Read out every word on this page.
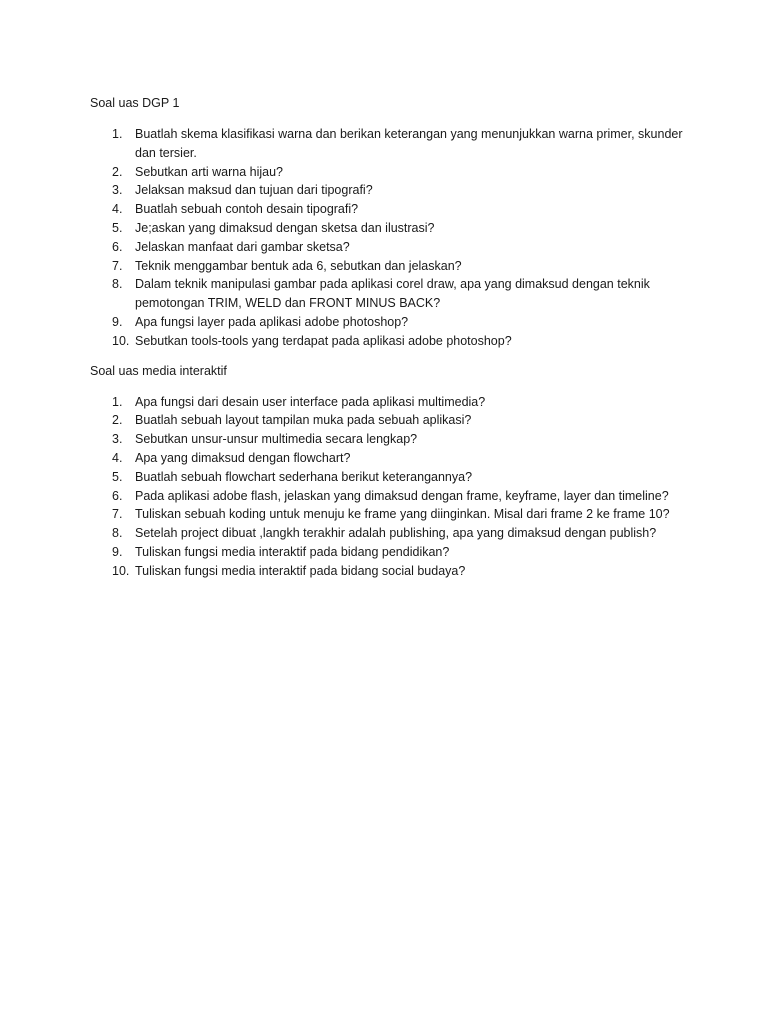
Soal uas DGP 1
1.	Buatlah skema klasifikasi warna dan berikan keterangan yang menunjukkan warna primer, skunder dan tersier.
2.	Sebutkan arti warna hijau?
3.	Jelaksan maksud dan tujuan dari tipografi?
4.	Buatlah sebuah contoh desain tipografi?
5.	Je;askan yang dimaksud dengan sketsa dan ilustrasi?
6.	Jelaskan manfaat dari gambar sketsa?
7.	Teknik menggambar bentuk ada 6, sebutkan dan jelaskan?
8.	Dalam teknik manipulasi gambar pada aplikasi corel draw, apa yang dimaksud dengan teknik pemotongan TRIM, WELD dan FRONT MINUS BACK?
9.	Apa fungsi layer pada aplikasi adobe photoshop?
10. Sebutkan tools-tools yang terdapat pada aplikasi adobe photoshop?
Soal uas media interaktif
1.	Apa fungsi dari desain user interface pada aplikasi multimedia?
2.	Buatlah sebuah layout tampilan muka pada sebuah aplikasi?
3.	Sebutkan unsur-unsur multimedia secara lengkap?
4.	Apa yang dimaksud dengan flowchart?
5.	Buatlah sebuah flowchart sederhana berikut keterangannya?
6.	Pada aplikasi adobe flash, jelaskan yang dimaksud dengan frame, keyframe, layer dan timeline?
7.	Tuliskan sebuah koding untuk menuju ke frame yang diinginkan. Misal dari frame 2 ke frame 10?
8.	Setelah project dibuat ,langkh terakhir adalah publishing, apa yang dimaksud dengan publish?
9.	Tuliskan fungsi media interaktif pada bidang pendidikan?
10. Tuliskan fungsi media interaktif pada bidang social budaya?
